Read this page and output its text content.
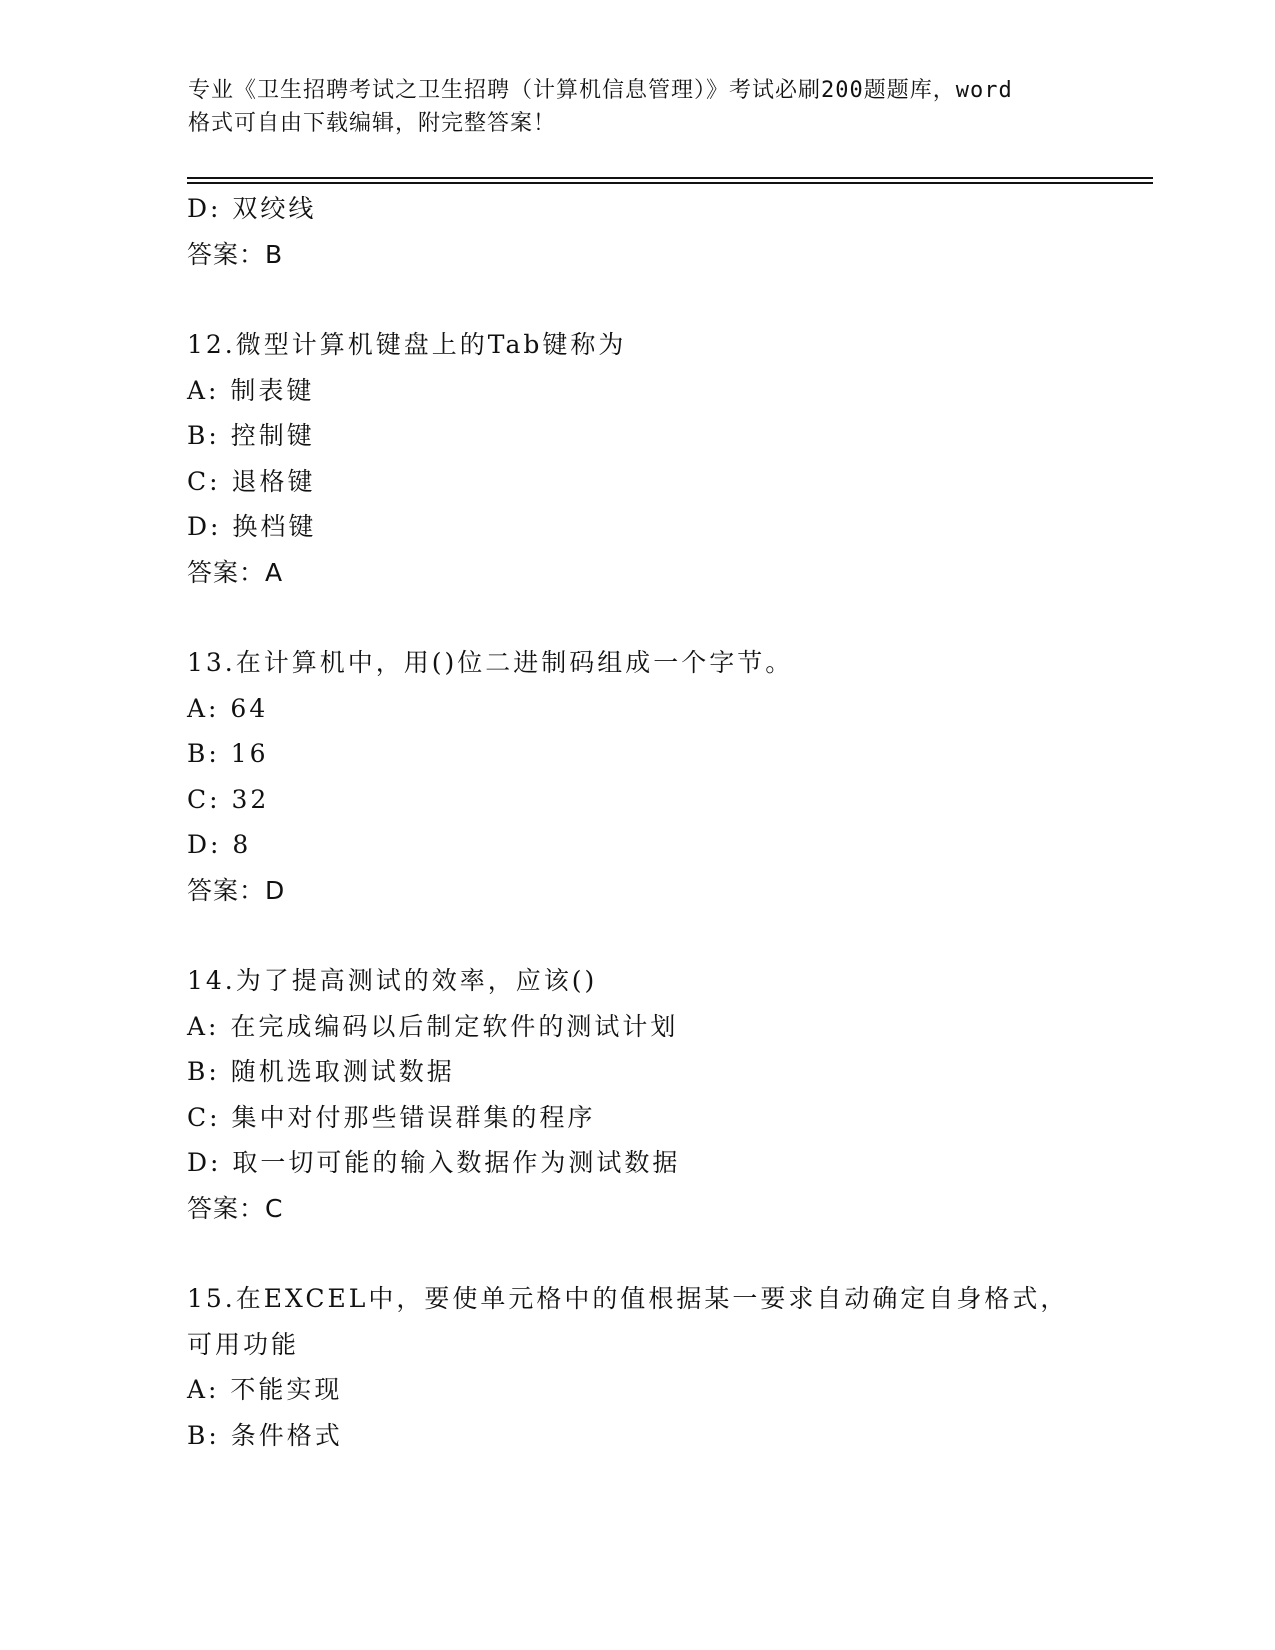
专业《卫生招聘考试之卫生招聘（计算机信息管理）》考试必刷200题题库，word
格式可自由下载编辑，附完整答案！
D: 双绞线
答案：B
12.微型计算机键盘上的Tab键称为
A: 制表键
B: 控制键
C: 退格键
D: 换档键
答案：A
13.在计算机中，用()位二进制码组成一个字节。
A: 64
B: 16
C: 32
D: 8
答案：D
14.为了提高测试的效率，应该()
A: 在完成编码以后制定软件的测试计划
B: 随机选取测试数据
C: 集中对付那些错误群集的程序
D: 取一切可能的输入数据作为测试数据
答案：C
15.在EXCEL中，要使单元格中的值根据某一要求自动确定自身格式，
可用功能
A: 不能实现
B: 条件格式
